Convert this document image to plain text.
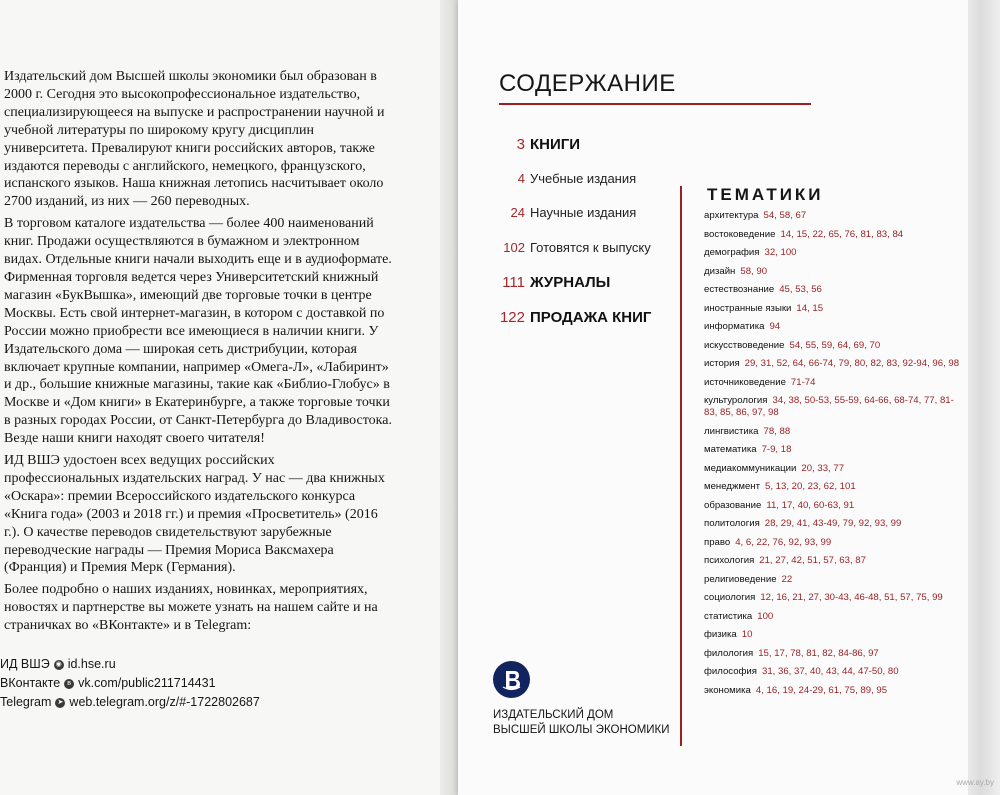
Издательский дом Высшей школы экономики был образован в 2000 г. Сегодня это высокопрофессиональное издательство, специализирующееся на выпуске и распространении научной и учебной литературы по широкому кругу дисциплин университета. Превалируют книги российских авторов, также издаются переводы с английского, немецкого, французского, испанского языков. Наша книжная летопись насчитывает около 2700 изданий, из них — 260 переводных.

В торговом каталоге издательства — более 400 наименований книг. Продажи осуществляются в бумажном и электронном видах. Отдельные книги начали выходить еще и в аудиоформате. Фирменная торговля ведется через Университетский книжный магазин «БукВышка», имеющий две торговые точки в центре Москвы. Есть свой интернет-магазин, в котором с доставкой по России можно приобрести все имеющиеся в наличии книги. У Издательского дома — широкая сеть дистрибуции, которая включает крупные компании, например «Омега-Л», «Лабиринт» и др., большие книжные магазины, такие как «Библио-Глобус» в Москве и «Дом книги» в Екатеринбурге, а также торговые точки в разных городах России, от Санкт-Петербурга до Владивостока. Везде наши книги находят своего читателя!

ИД ВШЭ удостоен всех ведущих российских профессиональных издательских наград. У нас — два книжных «Оскара»: премии Всероссийского издательского конкурса «Книга года» (2003 и 2018 гг.) и премия «Просветитель» (2016 г.). О качестве переводов свидетельствуют зарубежные переводческие награды — Премия Мориса Ваксмахера (Франция) и Премия Мерк (Германия).

Более подробно о наших изданиях, новинках, мероприятиях, новостях и партнерстве вы можете узнать на нашем сайте и на страничках во «ВКонтакте» и в Telegram:

ИД ВШЭ ◉ id.hse.ru
ВКонтакте	в vk.com/public211714431
Telegram ➤ web.telegram.org/z/#-1722802687
СОДЕРЖАНИЕ
3 КНИГИ
4 Учебные издания
24 Научные издания
102 Готовятся к выпуску
111 ЖУРНАЛЫ
122 ПРОДАЖА КНИГ
ТЕМАТИКИ
архитектура 54, 58, 67
востоковедение 14, 15, 22, 65, 76, 81, 83, 84
демография 32, 100
дизайн 58, 90
естествознание 45, 53, 56
иностранные языки 14, 15
информатика 94
искусствоведение 54, 55, 59, 64, 69, 70
история 29, 31, 52, 64, 66-74, 79, 80, 82, 83, 92-94, 96, 98
источниковедение 71-74
культурология 34, 38, 50-53, 55-59, 64-66, 68-74, 77, 81-83, 85, 86, 97, 98
лингвистика 78, 88
математика 7-9, 18
медиакоммуникации 20, 33, 77
менеджмент 5, 13, 20, 23, 62, 101
образование 11, 17, 40, 60-63, 91
политология 28, 29, 41, 43-49, 79, 92, 93, 99
право 4, 6, 22, 76, 92, 93, 99
психология 21, 27, 42, 51, 57, 63, 87
религиоведение 22
социология 12, 16, 21, 27, 30-43, 46-48, 51, 57, 75, 99
статистика 100
физика 10
филология 15, 17, 78, 81, 82, 84-86, 97
философия 31, 36, 37, 40, 43, 44, 47-50, 80
экономика 4, 16, 19, 24-29, 61, 75, 89, 95
ИЗДАТЕЛЬСКИЙ ДОМ
ВЫСШЕЙ ШКОЛЫ ЭКОНОМИКИ
www.ay.by
